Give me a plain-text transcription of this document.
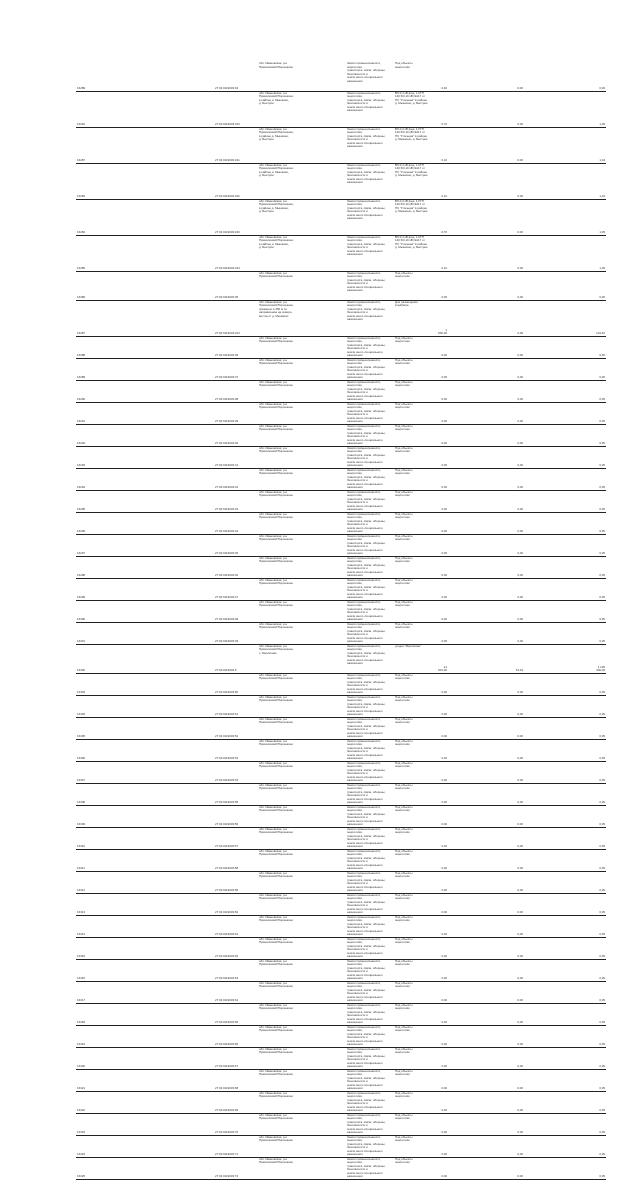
16289		27:02:0119003:04	обл. Ивановская, р-н
Приволжский/Порошкино	Земли промышленности, энергетики,
транспорта, связи, обороны, безопасности и
земли иного специального назначения	Под объекты
энергетики	0,40		0,00		0,00
16291		27:02:0119003:343	обл. Ивановская, р-н
Приволжский/Порошкино,
в районе д. Мышкино,
д. Быстрое	Земли промышленности, энергетики,
транспорта, связи, обороны, безопасности и
земли иного специального назначения	ВЛ-0,4 кВ фид. 1 КТП
120 6/0,10 кВ №117 от
ПС "Угольная" в районе
д. Мышкино, д. Быстрое	0,70		0,00		1,06
16287		27:02:0119003:341	обл. Ивановская, р-н
Приволжский/Порошкино,
в районе д. Мышкино,
д. Быстрое	Земли промышленности, энергетики,
транспорта, связи, обороны, безопасности и
земли иного специального назначения	ВЛ-0,4 кВ фид. 1 КТП
120 6/0,10 кВ №117 от
ПС "Угольная" в районе
д. Мышкино, д. Быстрое	0,10		0,00		1,04
16283		27:02:0119003:342	обл. Ивановская, р-н
Приволжский/Порошкино,
в районе д. Мышкино,
д. Быстрое	Земли промышленности, энергетики,
транспорта, связи, обороны, безопасности и
земли иного специального назначения	ВЛ-0,4 кВ фид. 1 КТП
120 6/0,10 кВ №117 от
ПС "Угольная" в районе
д. Мышкино, д. Быстрое	0,10		0,00		1,04
16284		27:02:0119003:340	обл. Ивановская, р-н
Приволжский/Порошкино,
в районе д. Мышкино,
д. Быстрое	Земли промышленности, энергетики,
транспорта, связи, обороны, безопасности и
земли иного специального назначения	ВЛ-0,4 кВ фид. 1 КТП
120 6/0,10 кВ №117 от
ПС "Угольная" в районе
д. Мышкино, д. Быстрое	0,70		0,00		1,05
16285		27:02:0119003:344	обл. Ивановская, р-н
Приволжский/Порошкино,
в районе д. Мышкино,
д. Быстрое	Земли промышленности, энергетики,
транспорта, связи, обороны, безопасности и
земли иного специального назначения	ВЛ-0,4 кВ фид. 1 КТП
120 6/0,10 кВ №117 от
ПС "Угольная" в районе
д. Мышкино, д. Быстрое	0,10		0,00		1,06
16286		27:02:0119003:35	обл. Ивановская, р-н
Приволжский/Порошкино	Земли промышленности, энергетики,
транспорта, связи, обороны, безопасности и
земли иного специального назначения	Под объекты
энергетики	0,00		0,00		0,00
16287		27:02:0119003:224	обл. Ивановская, р-н
Приволжский/Порошкино,
примерно в 450 м по
направлению на северо-
восток от д. Мышкино	Земли промышленности, энергетики,
транспорта, связи, обороны, безопасности и
земли иного специального назначения	Для размещения
кладбища	1 600,00		0,09		104,40
16288		27:02:0119003:36	обл. Ивановская, р-н
Приволжский/Порошкино	Земли промышленности, энергетики,
транспорта, связи, обороны, безопасности и
земли иного специального назначения	Под объекты
энергетики	0,00		0,00		0,00
16289		27:02:0119003:37	обл. Ивановская, р-н
Приволжский/Порошкино	Земли промышленности, энергетики,
транспорта, связи, обороны, безопасности и
земли иного специального назначения	Под объекты
энергетики	0,00		0,00		0,00
16290		27:02:0119003:38	обл. Ивановская, р-н
Приволжский/Порошкино	Земли промышленности, энергетики,
транспорта, связи, обороны, безопасности и
земли иного специального назначения	Под объекты
энергетики	0,00		0,00		0,05
16291		27:02:0119003:39	обл. Ивановская, р-н
Приволжский/Порошкино	Земли промышленности, энергетики,
транспорта, связи, обороны, безопасности и
земли иного специального назначения	Под объекты
энергетики	0,00		0,00		0,05
16292		27:02:0119003:40	обл. Ивановская, р-н
Приволжский/Порошкино	Земли промышленности, энергетики,
транспорта, связи, обороны, безопасности и
земли иного специального назначения	Под объекты
энергетики	0,00		0,00		0,05
16293		27:02:0119003:41	обл. Ивановская, р-н
Приволжский/Порошкино	Земли промышленности, энергетики,
транспорта, связи, обороны, безопасности и
земли иного специального назначения	Под объекты
энергетики	0,00		0,00		0,05
16294		27:02:0119003:42	обл. Ивановская, р-н
Приволжский/Порошкино	Земли промышленности, энергетики,
транспорта, связи, обороны, безопасности и
земли иного специального назначения	Под объекты
энергетики	0,00		0,00		0,05
16295		27:02:0119003:43	обл. Ивановская, р-н
Приволжский/Порошкино	Земли промышленности, энергетики,
транспорта, связи, обороны, безопасности и
земли иного специального назначения	Под объекты
энергетики	0,00		0,00		0,05
16296		27:02:0119003:44	обл. Ивановская, р-н
Приволжский/Порошкино	Земли промышленности, энергетики,
транспорта, связи, обороны, безопасности и
земли иного специального назначения	Под объекты
энергетики	0,00		0,00		0,05
16297		27:02:0119003:45	обл. Ивановская, р-н
Приволжский/Порошкино	Земли промышленности, энергетики,
транспорта, связи, обороны, безопасности и
земли иного специального назначения	Под объекты
энергетики	0,00		0,00		0,05
16298		27:02:0119003:46	обл. Ивановская, р-н
Приволжский/Порошкино	Земли промышленности, энергетики,
транспорта, связи, обороны, безопасности и
земли иного специального назначения	Под объекты
энергетики	0,00		0,00		0,05
16299		27:02:0119003:47	обл. Ивановская, р-н
Приволжский/Порошкино	Земли промышленности, энергетики,
транспорта, связи, обороны, безопасности и
земли иного специального назначения	Под объекты
энергетики	0,00		0,00		0,05
16300		27:02:0119003:48	обл. Ивановская, р-н
Приволжский/Порошкино	Земли промышленности, энергетики,
транспорта, связи, обороны, безопасности и
земли иного специального назначения	Под объекты
энергетики	0,00		0,00		0,05
16301		27:02:0119003:49	обл. Ивановская, р-н
Приволжский/Порошкино	Земли промышленности, энергетики,
транспорта, связи, обороны, безопасности и
земли иного специального назначения	Под объекты
энергетики	0,00		0,00		0,05
16302		27:02:0119003:5	обл. Ивановская, р-н
Приволжский/Порошкино,
с. Мерлигово	Земли промышленности, энергетики,
транспорта, связи, обороны, безопасности и
земли иного специального назначения	угодья "Мерлигово"	21 601,00		51,04		1 105 400,00
16303		27:02:0119003:50	обл. Ивановская, р-н
Приволжский/Порошкино	Земли промышленности, энергетики,
транспорта, связи, обороны, безопасности и
земли иного специального назначения	Под объекты
энергетики	0,00		0,00		0,05
16304		27:02:0119003:51	обл. Ивановская, р-н
Приволжский/Порошкино	Земли промышленности, энергетики,
транспорта, связи, обороны, безопасности и
земли иного специального назначения	Под объекты
энергетики	0,00		0,00		0,05
16305		27:02:0119003:52	обл. Ивановская, р-н
Приволжский/Порошкино	Земли промышленности, энергетики,
транспорта, связи, обороны, безопасности и
земли иного специального назначения	Под объекты
энергетики	0,00		0,00		0,05
16306		27:02:0119003:53	обл. Ивановская, р-н
Приволжский/Порошкино	Земли промышленности, энергетики,
транспорта, связи, обороны, безопасности и
земли иного специального назначения	Под объекты
энергетики	0,00		0,00		0,05
16307		27:02:0119003:54	обл. Ивановская, р-н
Приволжский/Порошкино	Земли промышленности, энергетики,
транспорта, связи, обороны, безопасности и
земли иного специального назначения	Под объекты
энергетики	0,00		0,00		0,05
16308		27:02:0119003:55	обл. Ивановская, р-н
Приволжский/Порошкино	Земли промышленности, энергетики,
транспорта, связи, обороны, безопасности и
земли иного специального назначения	Под объекты
энергетики	0,00		0,00		0,05
16309		27:02:0119003:56	обл. Ивановская, р-н
Приволжский/Порошкино	Земли промышленности, энергетики,
транспорта, связи, обороны, безопасности и
земли иного специального назначения	Под объекты
энергетики	0,00		0,00		0,05
16310		27:02:0119003:57	обл. Ивановская, р-н
Приволжский/Порошкино	Земли промышленности, энергетики,
транспорта, связи, обороны, безопасности и
земли иного специального назначения	Под объекты
энергетики	0,00		0,00		0,05
16311		27:02:0119003:58	обл. Ивановская, р-н
Приволжский/Порошкино	Земли промышленности, энергетики,
транспорта, связи, обороны, безопасности и
земли иного специального назначения	Под объекты
энергетики	0,00		0,00		0,05
16312		27:02:0119003:59	обл. Ивановская, р-н
Приволжский/Порошкино	Земли промышленности, энергетики,
транспорта, связи, обороны, безопасности и
земли иного специального назначения	Под объекты
энергетики	0,00		0,00		0,05
16313		27:02:0119003:60	обл. Ивановская, р-н
Приволжский/Порошкино	Земли промышленности, энергетики,
транспорта, связи, обороны, безопасности и
земли иного специального назначения	Под объекты
энергетики	0,00		0,00		0,05
16314		27:02:0119003:61	обл. Ивановская, р-н
Приволжский/Порошкино	Земли промышленности, энергетики,
транспорта, связи, обороны, безопасности и
земли иного специального назначения	Под объекты
энергетики	0,00		0,00		0,05
16315		27:02:0119003:62	обл. Ивановская, р-н
Приволжский/Порошкино	Земли промышленности, энергетики,
транспорта, связи, обороны, безопасности и
земли иного специального назначения	Под объекты
энергетики	0,00		0,00		0,05
16316		27:02:0119003:63	обл. Ивановская, р-н
Приволжский/Порошкино	Земли промышленности, энергетики,
транспорта, связи, обороны, безопасности и
земли иного специального назначения	Под объекты
энергетики	0,00		0,00		0,05
16317		27:02:0119003:64	обл. Ивановская, р-н
Приволжский/Порошкино	Земли промышленности, энергетики,
транспорта, связи, обороны, безопасности и
земли иного специального назначения	Под объекты
энергетики	0,00		0,00		0,05
16318		27:02:0119003:65	обл. Ивановская, р-н
Приволжский/Порошкино	Земли промышленности, энергетики,
транспорта, связи, обороны, безопасности и
земли иного специального назначения	Под объекты
энергетики	0,00		0,00		0,05
16319		27:02:0119003:66	обл. Ивановская, р-н
Приволжский/Порошкино	Земли промышленности, энергетики,
транспорта, связи, обороны, безопасности и
земли иного специального назначения	Под объекты
энергетики	0,00		0,00		0,05
16320		27:02:0119003:67	обл. Ивановская, р-н
Приволжский/Порошкино	Земли промышленности, энергетики,
транспорта, связи, обороны, безопасности и
земли иного специального назначения	Под объекты
энергетики	0,00		0,00		0,05
16321		27:02:0119003:68	обл. Ивановская, р-н
Приволжский/Порошкино	Земли промышленности, энергетики,
транспорта, связи, обороны, безопасности и
земли иного специального назначения	Под объекты
энергетики	0,00		0,00		0,05
16322		27:02:0119003:69	обл. Ивановская, р-н
Приволжский/Порошкино	Земли промышленности, энергетики,
транспорта, связи, обороны, безопасности и
земли иного специального назначения	Под объекты
энергетики	0,00		0,00		0,05
16323		27:02:0119003:70	обл. Ивановская, р-н
Приволжский/Порошкино	Земли промышленности, энергетики,
транспорта, связи, обороны, безопасности и
земли иного специального назначения	Под объекты
энергетики	0,00		0,00		0,05
16324		27:02:0119003:71	обл. Ивановская, р-н
Приволжский/Порошкино	Земли промышленности, энергетики,
транспорта, связи, обороны, безопасности и
земли иного специального назначения	Под объекты
энергетики	0,00		0,00		0,05
16325		27:02:0119003:72	обл. Ивановская, р-н
Приволжский/Порошкино	Земли промышленности, энергетики,
транспорта, связи, обороны, безопасности и
земли иного специального назначения	Под объекты
энергетики	0,00		0,00		0,05
